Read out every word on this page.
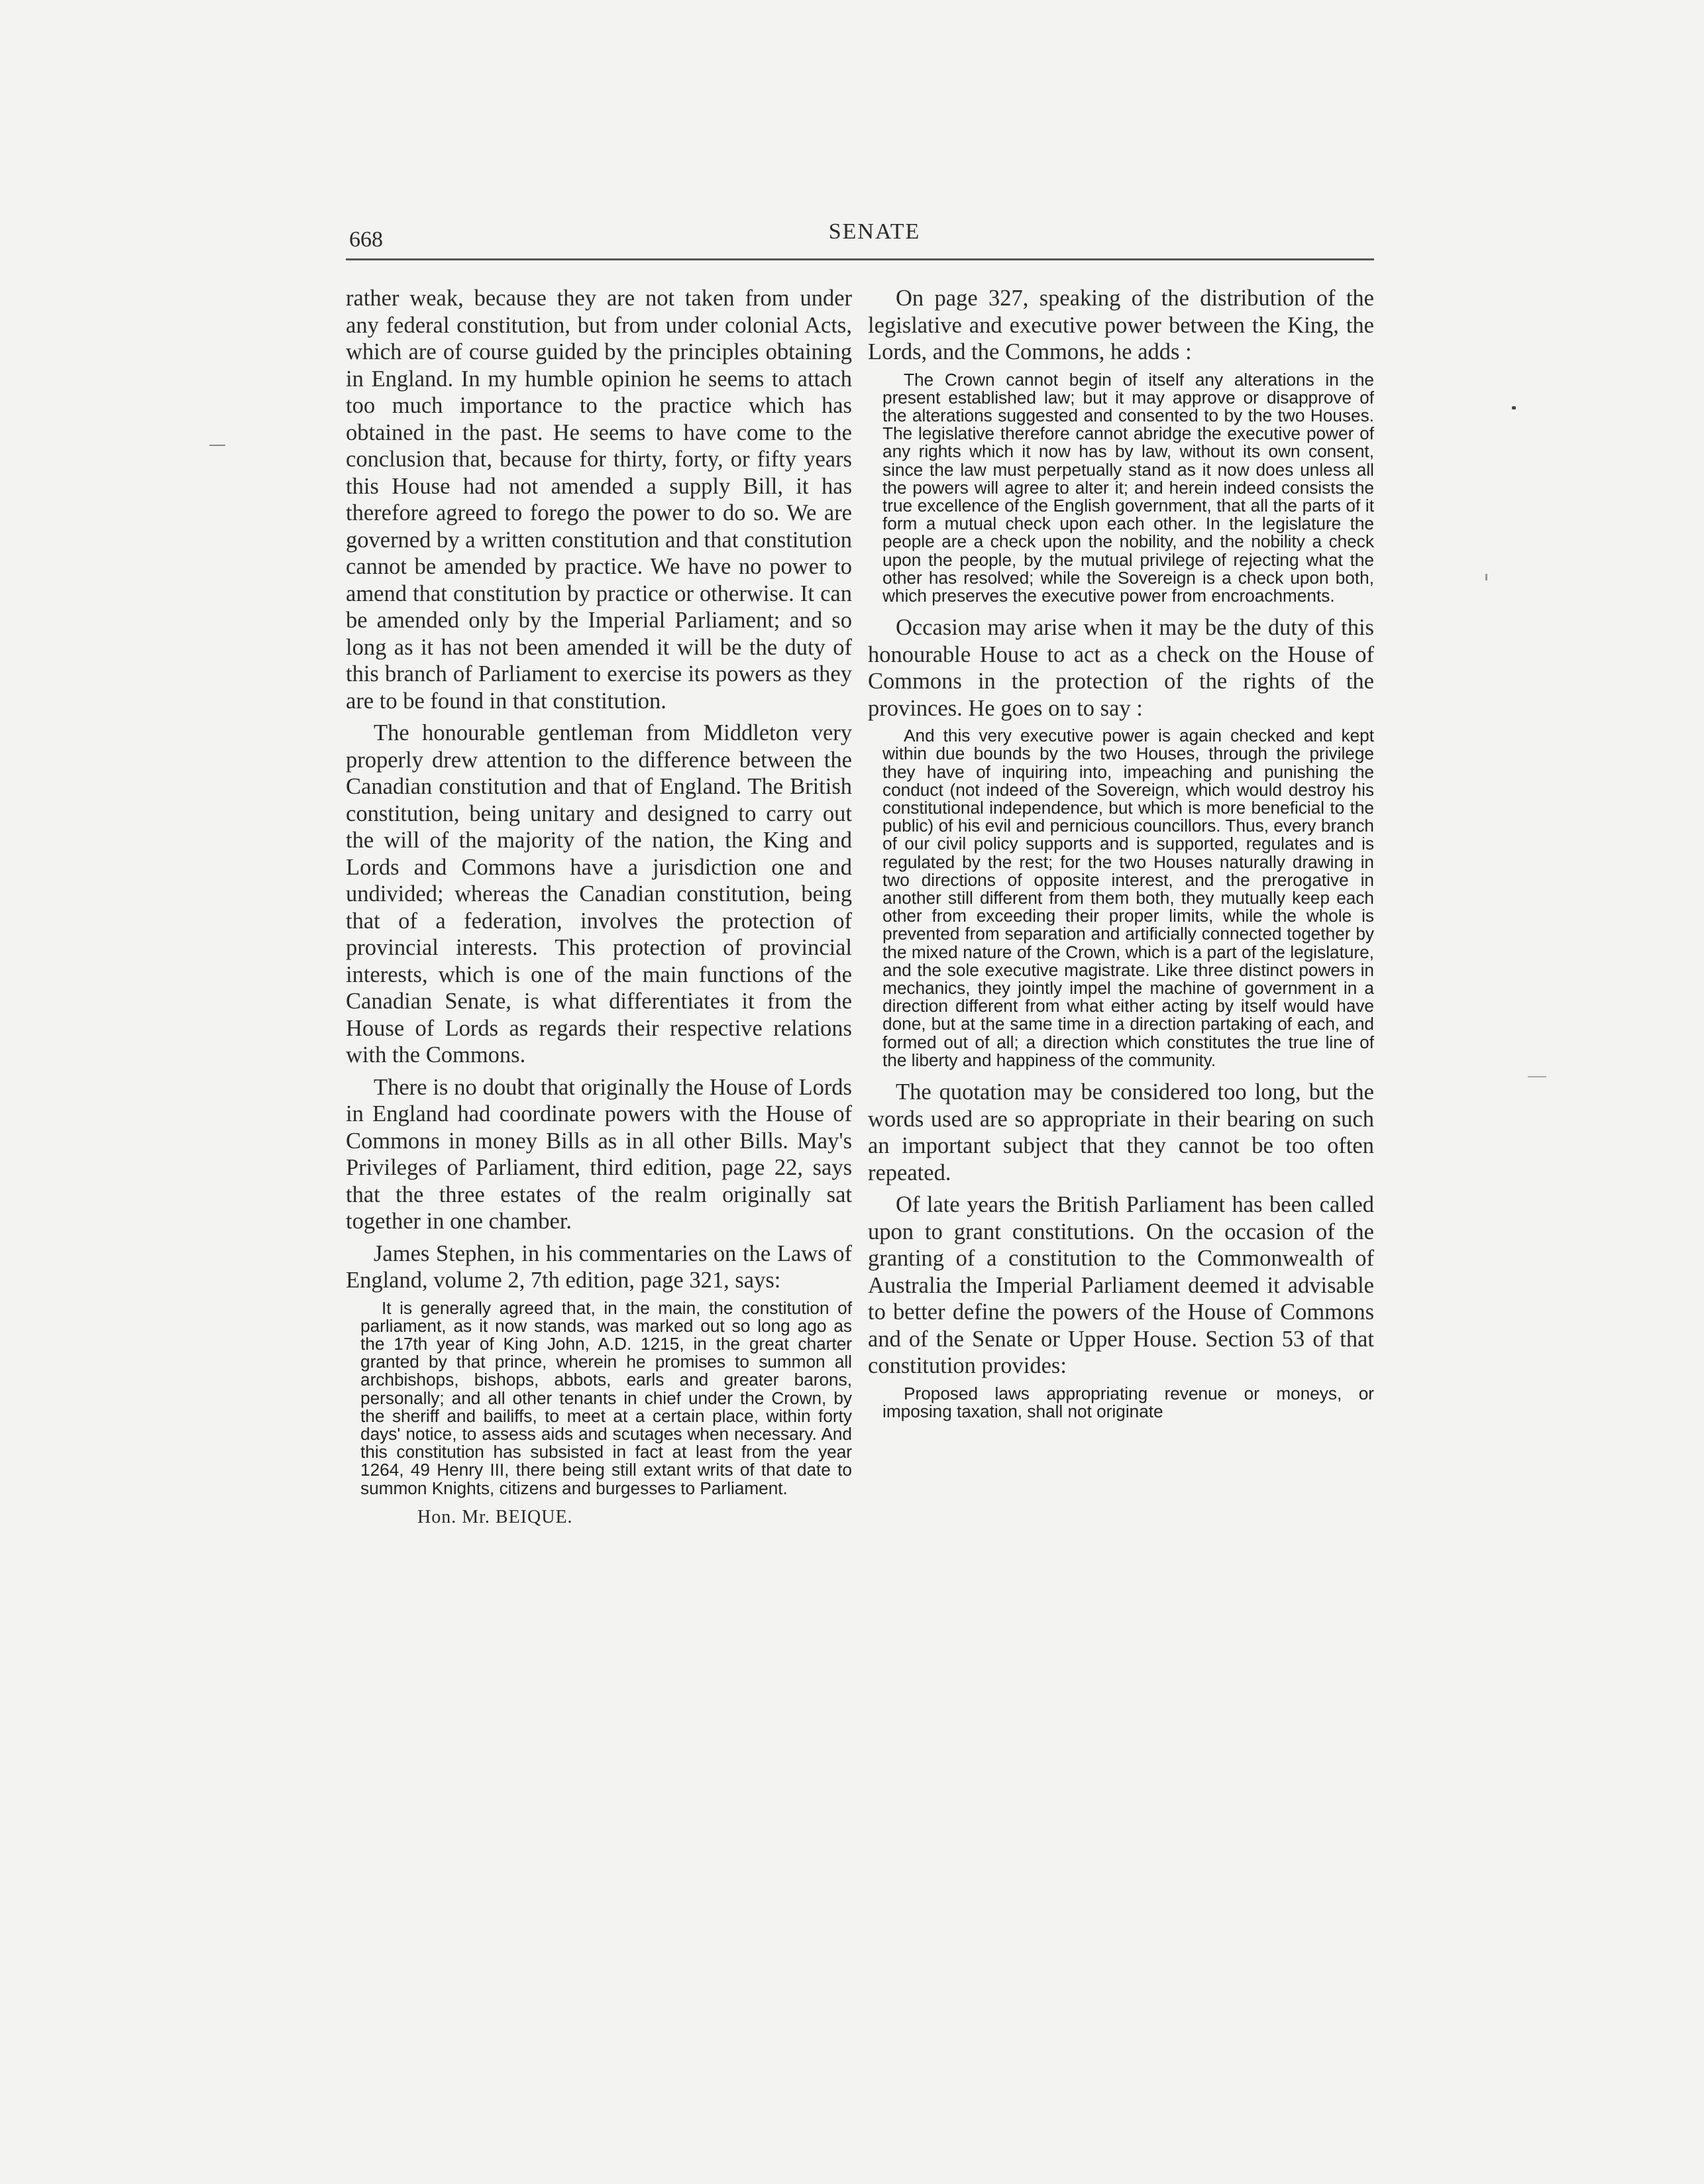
668	SENATE

rather weak, because they are not taken from under any federal constitution, but from under colonial Acts, which are of course guided by the principles obtaining in England. In my humble opinion he seems to attach too much importance to the practice which has obtained in the past. He seems to have come to the conclusion that, because for thirty, forty, or fifty years this House had not amended a supply Bill, it has therefore agreed to forego the power to do so. We are governed by a written constitution and that constitution cannot be amended by practice. We have no power to amend that constitution by practice or otherwise. It can be amended only by the Imperial Parliament; and so long as it has not been amended it will be the duty of this branch of Parliament to exercise its powers as they are to be found in that constitution.

The honourable gentleman from Middleton very properly drew attention to the difference between the Canadian constitution and that of England. The British constitution, being unitary and designed to carry out the will of the majority of the nation, the King and Lords and Commons have a jurisdiction one and undivided; whereas the Canadian constitution, being that of a federation, involves the protection of provincial interests. This protection of provincial interests, which is one of the main functions of the Canadian Senate, is what differentiates it from the House of Lords as regards their respective relations with the Commons.

There is no doubt that originally the House of Lords in England had coordinate powers with the House of Commons in money Bills as in all other Bills. May's Privileges of Parliament, third edition, page 22, says that the three estates of the realm originally sat together in one chamber.

James Stephen, in his commentaries on the Laws of England, volume 2, 7th edition, page 321, says:

It is generally agreed that, in the main, the constitution of parliament, as it now stands, was marked out so long ago as the 17th year of King John, A.D. 1215, in the great charter granted by that prince, wherein he promises to summon all archbishops, bishops, abbots, earls and greater barons, personally; and all other tenants in chief under the Crown, by the sheriff and bailiffs, to meet at a certain place, within forty days' notice, to assess aids and scutages when necessary. And this constitution has subsisted in fact at least from the year 1264, 49 Henry III, there being still extant writs of that date to summon Knights, citizens and burgesses to Parliament.
Hon. Mr. BEIQUE.

On page 327, speaking of the distribution of the legislative and executive power between the King, the Lords, and the Commons, he adds :

The Crown cannot begin of itself any alterations in the present established law; but it may approve or disapprove of the alterations suggested and consented to by the two Houses. The legislative therefore cannot abridge the executive power of any rights which it now has by law, without its own consent, since the law must perpetually stand as it now does unless all the powers will agree to alter it; and herein indeed consists the true excellence of the English government, that all the parts of it form a mutual check upon each other. In the legislature the people are a check upon the nobility, and the nobility a check upon the people, by the mutual privilege of rejecting what the other has resolved; while the Sovereign is a check upon both, which preserves the executive power from encroachments.

Occasion may arise when it may be the duty of this honourable House to act as a check on the House of Commons in the protection of the rights of the provinces. He goes on to say :

And this very executive power is again checked and kept within due bounds by the two Houses, through the privilege they have of inquiring into, impeaching and punishing the conduct (not indeed of the Sovereign, which would destroy his constitutional independence, but which is more beneficial to the public) of his evil and pernicious councillors. Thus, every branch of our civil policy supports and is supported, regulates and is regulated by the rest; for the two Houses naturally drawing in two directions of opposite interest, and the prerogative in another still different from them both, they mutually keep each other from exceeding their proper limits, while the whole is prevented from separation and artificially connected together by the mixed nature of the Crown, which is a part of the legislature, and the sole executive magistrate. Like three distinct powers in mechanics, they jointly impel the machine of government in a direction different from what either acting by itself would have done, but at the same time in a direction partaking of each, and formed out of all; a direction which constitutes the true line of the liberty and happiness of the community.

The quotation may be considered too long, but the words used are so appropriate in their bearing on such an important subject that they cannot be too often repeated.

Of late years the British Parliament has been called upon to grant constitutions. On the occasion of the granting of a constitution to the Commonwealth of Australia the Imperial Parliament deemed it advisable to better define the powers of the House of Commons and of the Senate or Upper House. Section 53 of that constitution provides:

Proposed laws appropriating revenue or moneys, or imposing taxation, shall not originate
